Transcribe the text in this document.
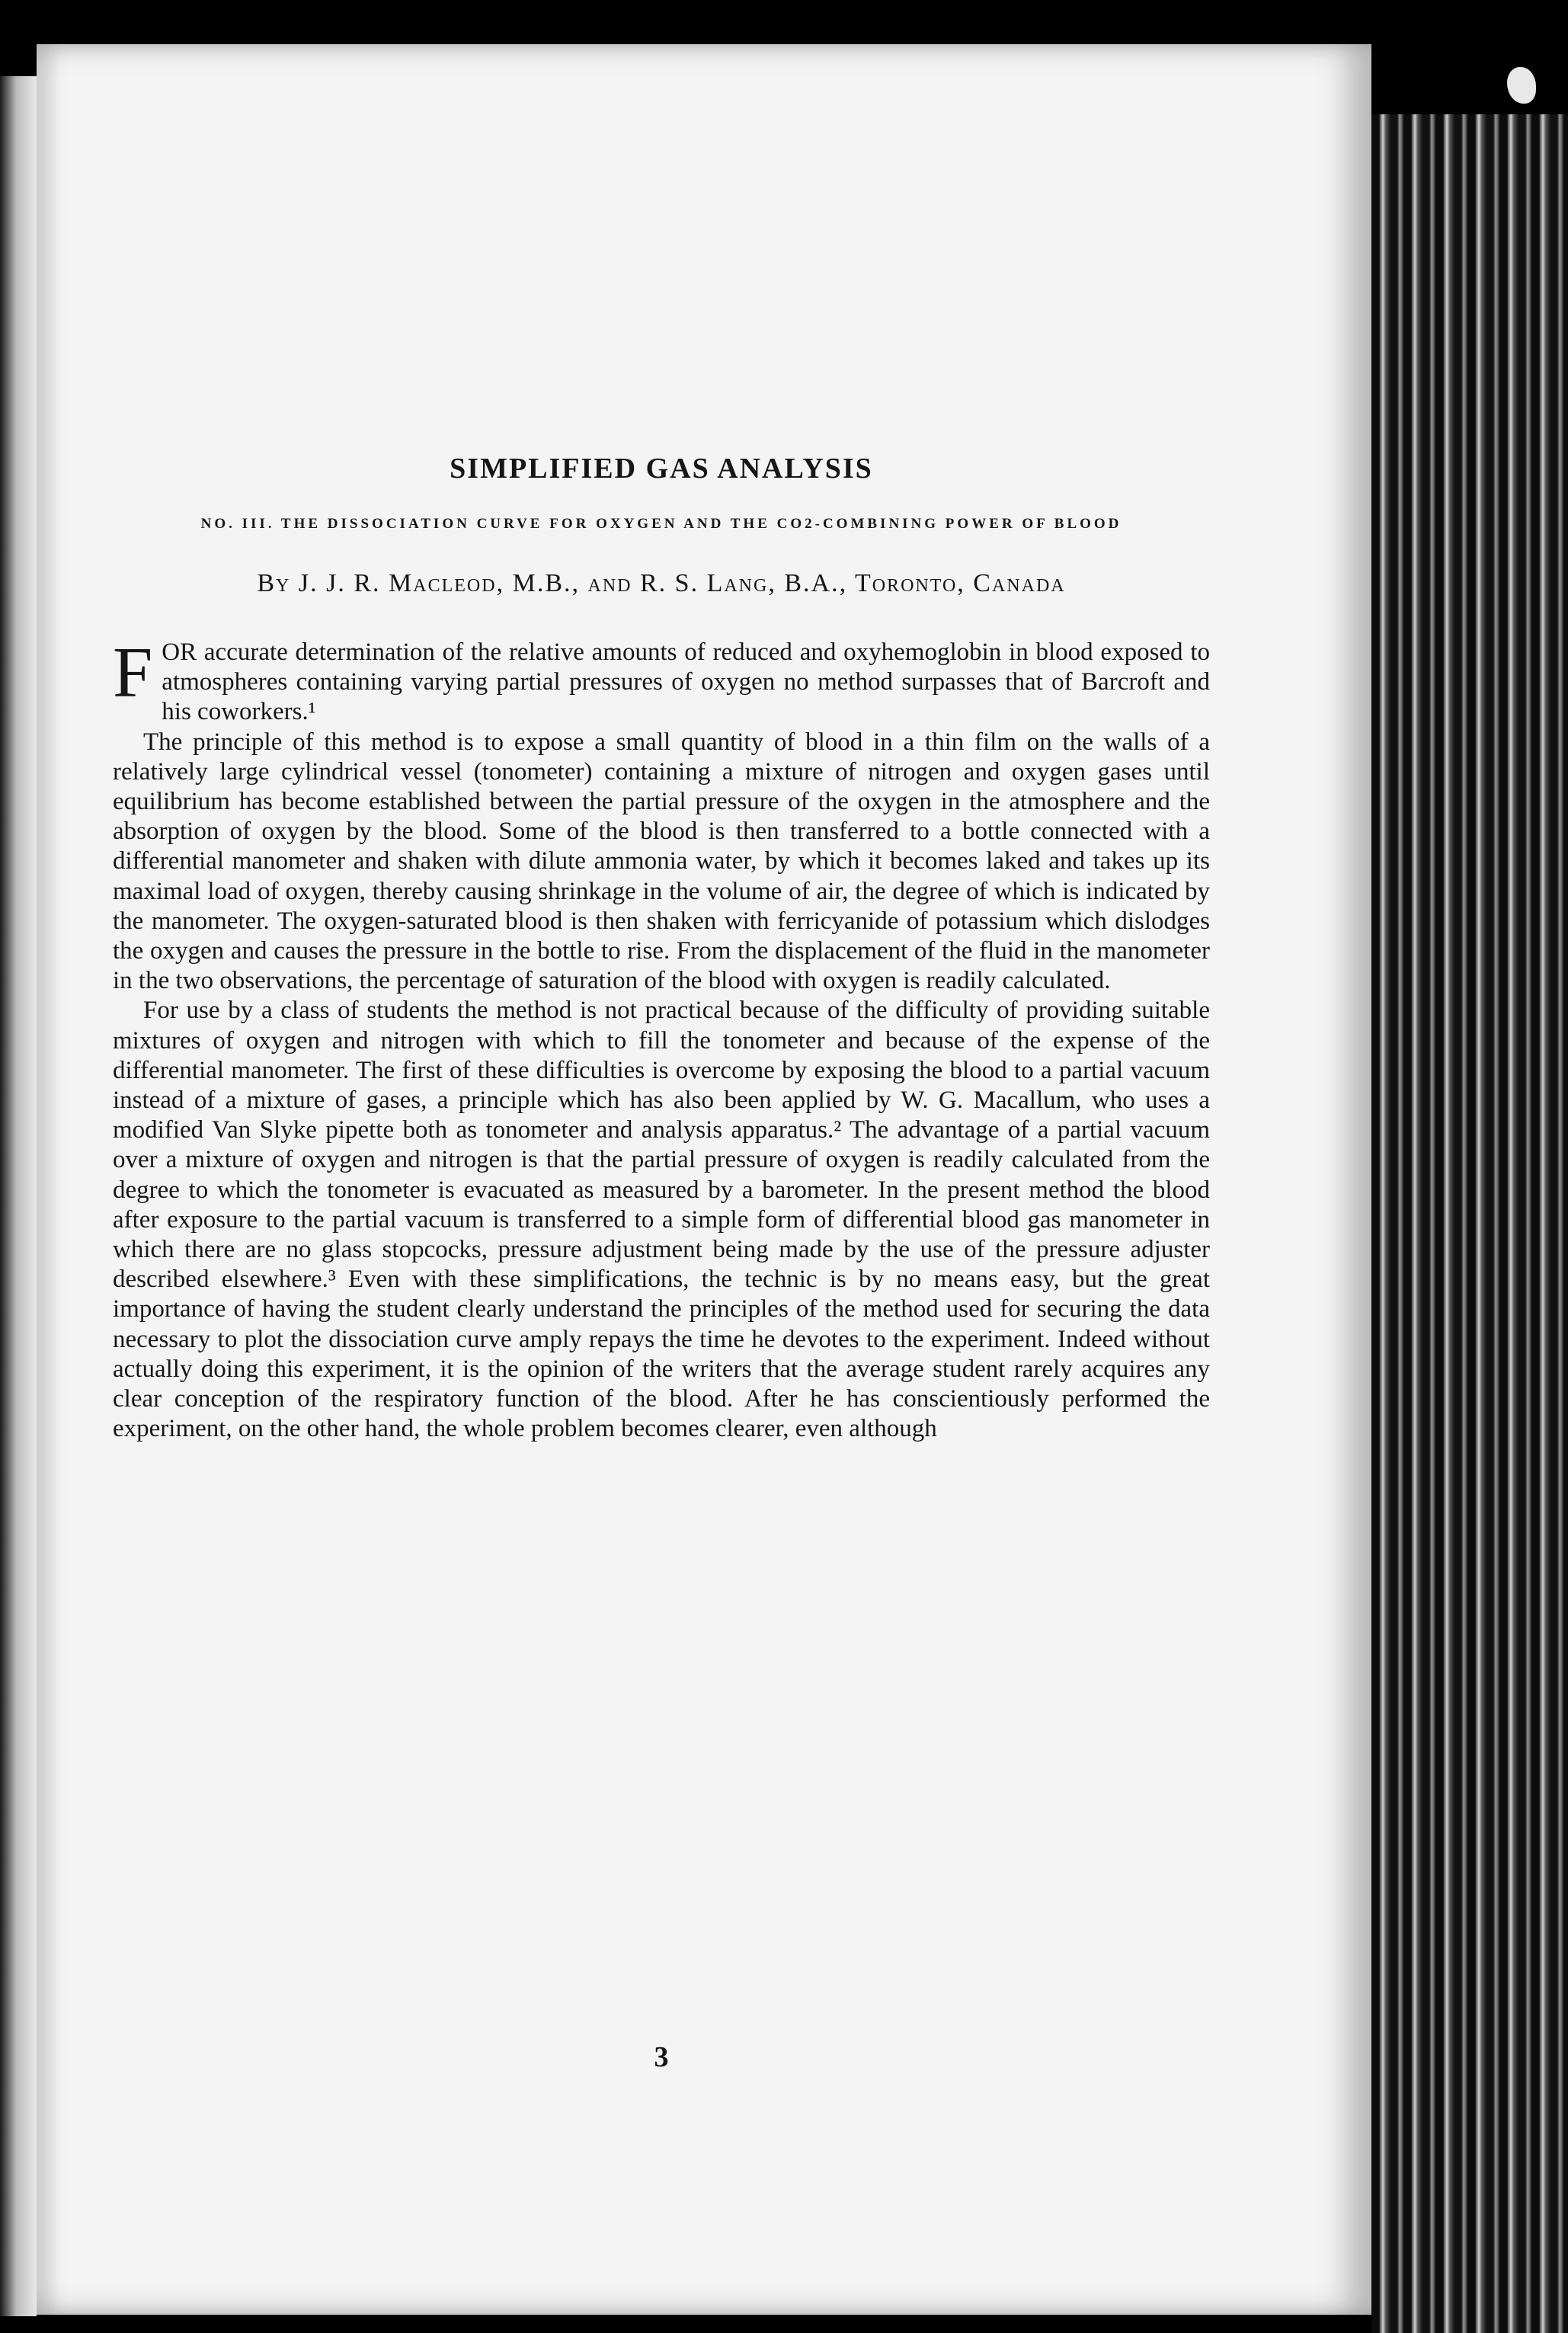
SIMPLIFIED GAS ANALYSIS
NO. III. THE DISSOCIATION CURVE FOR OXYGEN AND THE CO2-COMBINING POWER OF BLOOD
By J. J. R. Macleod, M.B., and R. S. Lang, B.A., Toronto, Canada

FOR accurate determination of the relative amounts of reduced and oxyhemoglobin in blood exposed to atmospheres containing varying partial pressures of oxygen no method surpasses that of Barcroft and his coworkers.¹

The principle of this method is to expose a small quantity of blood in a thin film on the walls of a relatively large cylindrical vessel (tonometer) containing a mixture of nitrogen and oxygen gases until equilibrium has become established between the partial pressure of the oxygen in the atmosphere and the absorption of oxygen by the blood. Some of the blood is then transferred to a bottle connected with a differential manometer and shaken with dilute ammonia water, by which it becomes laked and takes up its maximal load of oxygen, thereby causing shrinkage in the volume of air, the degree of which is indicated by the manometer. The oxygen-saturated blood is then shaken with ferricyanide of potassium which dislodges the oxygen and causes the pressure in the bottle to rise. From the displacement of the fluid in the manometer in the two observations, the percentage of saturation of the blood with oxygen is readily calculated.

For use by a class of students the method is not practical because of the difficulty of providing suitable mixtures of oxygen and nitrogen with which to fill the tonometer and because of the expense of the differential manometer. The first of these difficulties is overcome by exposing the blood to a partial vacuum instead of a mixture of gases, a principle which has also been applied by W. G. Macallum, who uses a modified Van Slyke pipette both as tonometer and analysis apparatus.² The advantage of a partial vacuum over a mixture of oxygen and nitrogen is that the partial pressure of oxygen is readily calculated from the degree to which the tonometer is evacuated as measured by a barometer. In the present method the blood after exposure to the partial vacuum is transferred to a simple form of differential blood gas manometer in which there are no glass stopcocks, pressure adjustment being made by the use of the pressure adjuster described elsewhere.³ Even with these simplifications, the technic is by no means easy, but the great importance of having the student clearly understand the principles of the method used for securing the data necessary to plot the dissociation curve amply repays the time he devotes to the experiment. Indeed without actually doing this experiment, it is the opinion of the writers that the average student rarely acquires any clear conception of the respiratory function of the blood. After he has conscientiously performed the experiment, on the other hand, the whole problem becomes clearer, even although

3
